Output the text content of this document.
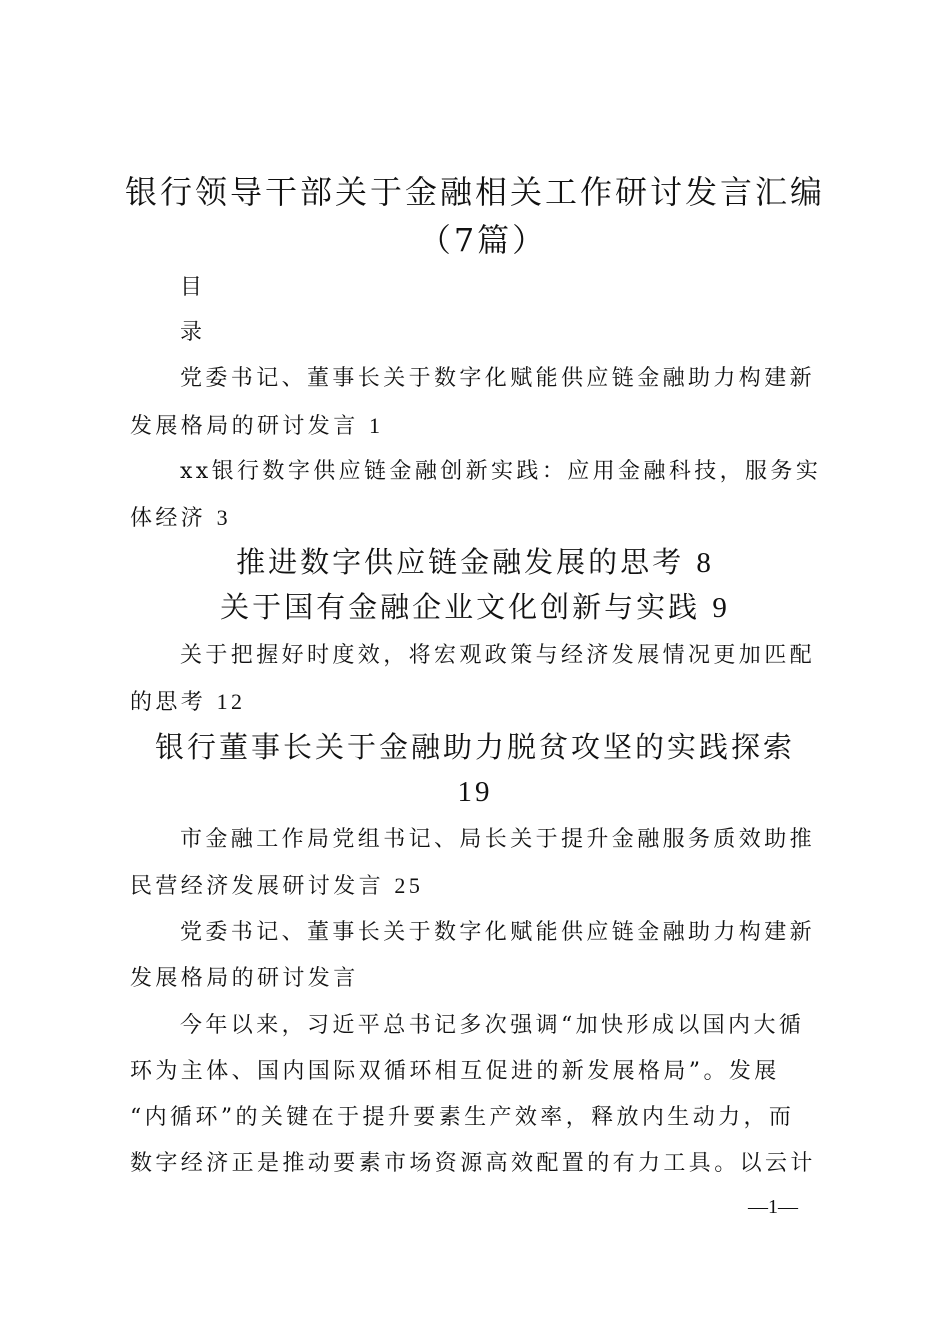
银行领导干部关于金融相关工作研讨发言汇编
（7篇）
目
录
党委书记、董事长关于数字化赋能供应链金融助力构建新
发展格局的研讨发言 1
xx银行数字供应链金融创新实践：应用金融科技，服务实
体经济 3
推进数字供应链金融发展的思考 8
关于国有金融企业文化创新与实践 9
关于把握好时度效，将宏观政策与经济发展情况更加匹配
的思考 12
银行董事长关于金融助力脱贫攻坚的实践探索
19
市金融工作局党组书记、局长关于提升金融服务质效助推
民营经济发展研讨发言 25
党委书记、董事长关于数字化赋能供应链金融助力构建新
发展格局的研讨发言
今年以来，习近平总书记多次强调“加快形成以国内大循
环为主体、国内国际双循环相互促进的新发展格局”。发展
“内循环”的关键在于提升要素生产效率，释放内生动力，而
数字经济正是推动要素市场资源高效配置的有力工具。以云计
—1—
